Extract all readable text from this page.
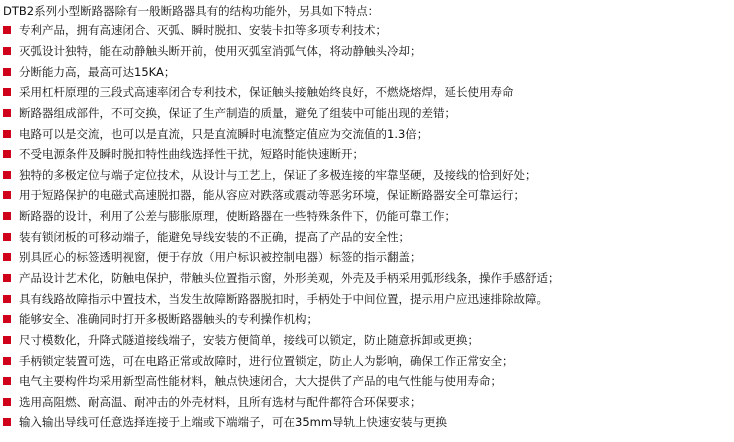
DTB2系列小型断路器除有一般断路器具有的结构功能外，另具如下特点：
专利产品，拥有高速闭合、灭弧、瞬时脱扣、安装卡扣等多项专利技术；
灭弧设计独特，能在动静触头断开前，使用灭弧室消弧气体，将动静触头冷却；
分断能力高，最高可达15KA；
采用杠杆原理的三段式高速率闭合专利技术，保证触头接触始终良好，不燃烧熔焊，延长使用寿命
断路器组成部件，不可交换，保证了生产制造的质量，避免了组装中可能出现的差错；
电路可以是交流，也可以是直流，只是直流瞬时电流整定值应为交流值的1.3倍；
不受电源条件及瞬时脱扣特性曲线选择性干扰，短路时能快速断开；
独特的多极定位与端子定位技术，从设计与工艺上，保证了多极连接的牢靠坚硬，及接线的恰到好处；
用于短路保护的电磁式高速脱扣器，能从容应对跌落或震动等恶劣环境，保证断路器安全可靠运行；
断路器的设计，利用了公差与膨胀原理，使断路器在一些特殊条件下，仍能可靠工作；
装有锁闭板的可移动端子，能避免导线安装的不正确，提高了产品的安全性；
别具匠心的标签透明视窗，便于存放（用户标识被控制电器）标签的指示翻盖；
产品设计艺术化，防触电保护，带触头位置指示窗，外形美观，外壳及手柄采用弧形线条，操作手感舒适；
具有线路故障指示中置技术，当发生故障断路器脱扣时，手柄处于中间位置，提示用户应迅速排除故障。
能够安全、准确同时打开多极断路器触头的专利操作机构；
尺寸模数化，升降式隧道接线端子，安装方便简单，接线可以锁定，防止随意拆卸或更换；
手柄锁定装置可选，可在电路正常或故障时，进行位置锁定，防止人为影响，确保工作正常安全；
电气主要构件均采用新型高性能材料，触点快速闭合，大大提供了产品的电气性能与使用寿命；
选用高阻燃、耐高温、耐冲击的外壳材料，且所有选材与配件都符合环保要求；
输入输出导线可任意选择连接于上端或下端端子，可在35mm导轨上快速安装与更换
